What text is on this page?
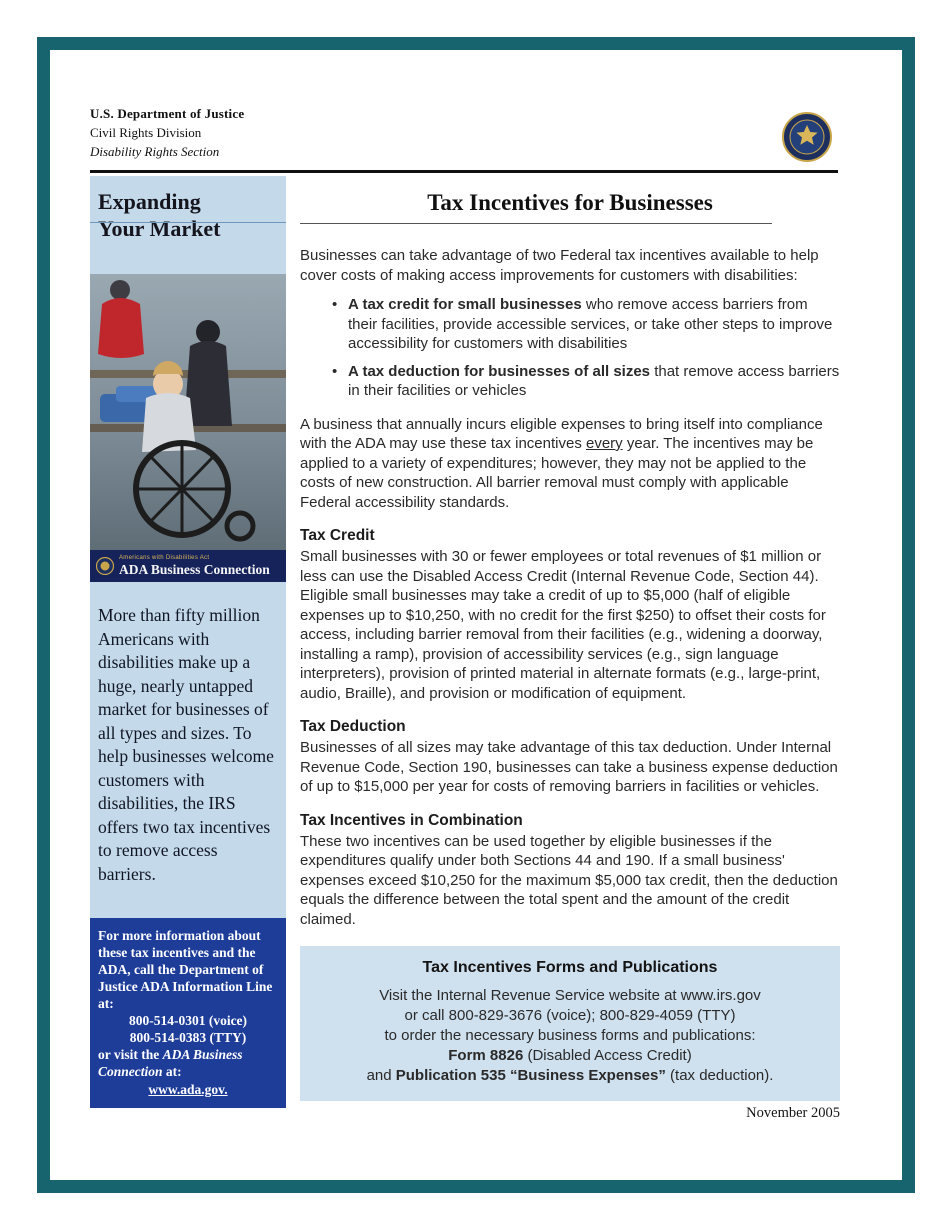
U.S. Department of Justice
Civil Rights Division
Disability Rights Section
Expanding
Your Market
Americans with Disabilities Act
ADA Business Connection
More than fifty million Americans with disabilities make up a huge, nearly untapped market for businesses of all types and sizes. To help businesses welcome customers with disabilities, the IRS offers two tax incentives to remove access barriers.
For more information about these tax incentives and the ADA, call the Department of Justice ADA Information Line at:
800-514-0301 (voice)
800-514-0383 (TTY)
or visit the ADA Business Connection at:
www.ada.gov.
Tax Incentives for Businesses

Businesses can take advantage of two Federal tax incentives available to help cover costs of making access improvements for customers with disabilities:

• A tax credit for small businesses who remove access barriers from their facilities, provide accessible services, or take other steps to improve accessibility for customers with disabilities
• A tax deduction for businesses of all sizes that remove access barriers in their facilities or vehicles

A business that annually incurs eligible expenses to bring itself into compliance with the ADA may use these tax incentives every year. The incentives may be applied to a variety of expenditures; however, they may not be applied to the costs of new construction. All barrier removal must comply with applicable Federal accessibility standards.

Tax Credit

Small businesses with 30 or fewer employees or total revenues of $1 million or less can use the Disabled Access Credit (Internal Revenue Code, Section 44). Eligible small businesses may take a credit of up to $5,000 (half of eligible expenses up to $10,250, with no credit for the first $250) to offset their costs for access, including barrier removal from their facilities (e.g., widening a doorway, installing a ramp), provision of accessibility services (e.g., sign language interpreters), provision of printed material in alternate formats (e.g., large-print, audio, Braille), and provision or modification of equipment.

Tax Deduction

Businesses of all sizes may take advantage of this tax deduction. Under Internal Revenue Code, Section 190, businesses can take a business expense deduction of up to $15,000 per year for costs of removing barriers in facilities or vehicles.

Tax Incentives in Combination

These two incentives can be used together by eligible businesses if the expenditures qualify under both Sections 44 and 190. If a small business' expenses exceed $10,250 for the maximum $5,000 tax credit, then the deduction equals the difference between the total spent and the amount of the credit claimed.

Tax Incentives Forms and Publications
Visit the Internal Revenue Service website at www.irs.gov
or call 800-829-3676 (voice); 800-829-4059 (TTY)
to order the necessary business forms and publications:
Form 8826 (Disabled Access Credit)
and Publication 535 “Business Expenses” (tax deduction).
November 2005
